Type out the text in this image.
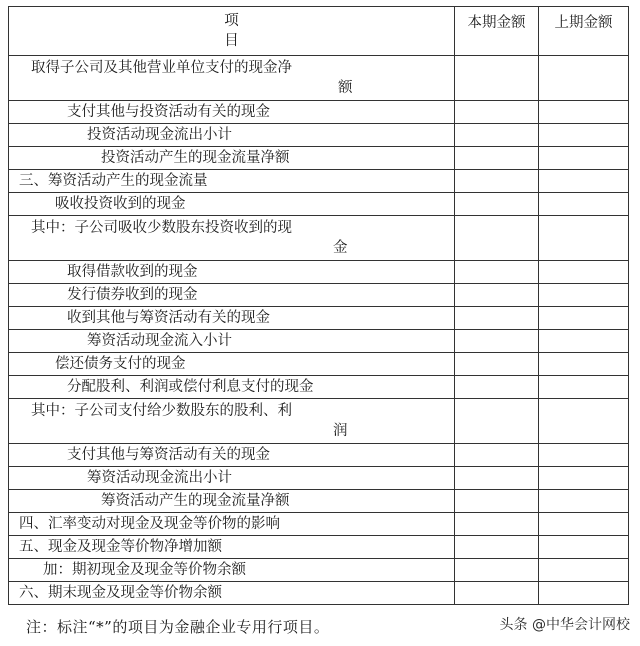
项
目	本期金额	上期金额

取得子公司及其他营业单位支付的现金净
额		

支付其他与投资活动有关的现金		
投资活动现金流出小计		
投资活动产生的现金流量净额		
三、筹资活动产生的现金流量		
吸收投资收到的现金		

其中：子公司吸收少数股东投资收到的现
金		

取得借款收到的现金		
发行债券收到的现金		
收到其他与筹资活动有关的现金		
筹资活动现金流入小计		
偿还债务支付的现金		
分配股利、利润或偿付利息支付的现金		

其中：子公司支付给少数股东的股利、利
润		

支付其他与筹资活动有关的现金		
筹资活动现金流出小计		
筹资活动产生的现金流量净额		
四、汇率变动对现金及现金等价物的影响		
五、现金及现金等价物净增加额		
加：期初现金及现金等价物余额		
六、期末现金及现金等价物余额		
注：标注“*”的项目为金融企业专用行项目。	头条 @中华会计网校
